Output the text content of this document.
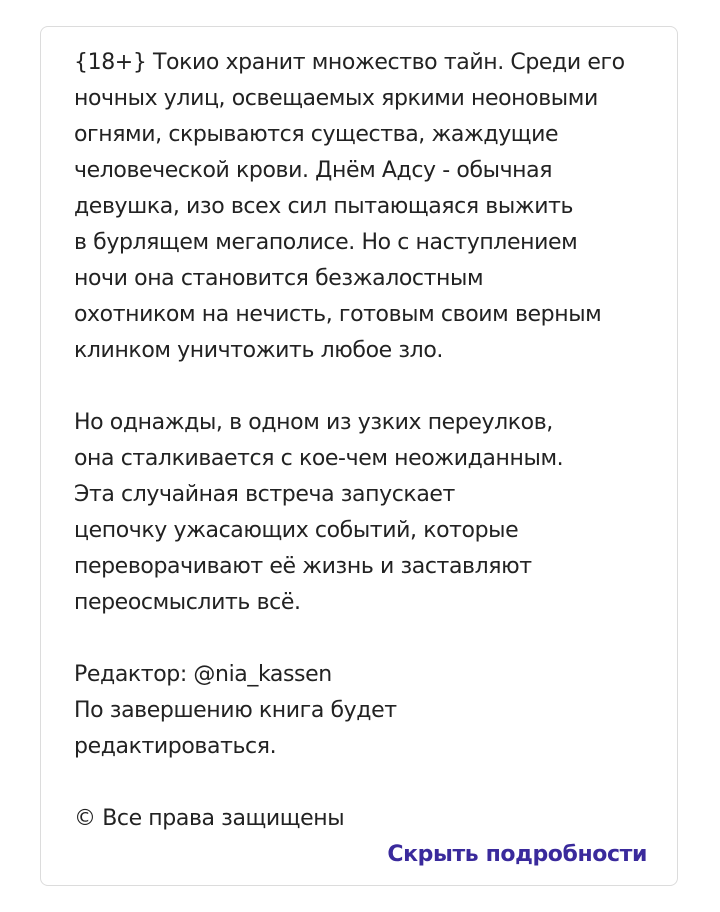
{18+} Токио хранит множество тайн. Среди его
ночных улиц, освещаемых яркими неоновыми
огнями, скрываются существа, жаждущие
человеческой крови. Днём Адсу - обычная
девушка, изо всех сил пытающаяся выжить
в бурлящем мегаполисе. Но с наступлением
ночи она становится безжалостным
охотником на нечисть, готовым своим верным
клинком уничтожить любое зло.
Но однажды, в одном из узких переулков,
она сталкивается с кое-чем неожиданным.
Эта случайная встреча запускает
цепочку ужасающих событий, которые
переворачивают её жизнь и заставляют
переосмыслить всё.
Редактор: @nia_kassen
По завершению книга будет
редактироваться.
© Все права защищены
Скрыть подробности
